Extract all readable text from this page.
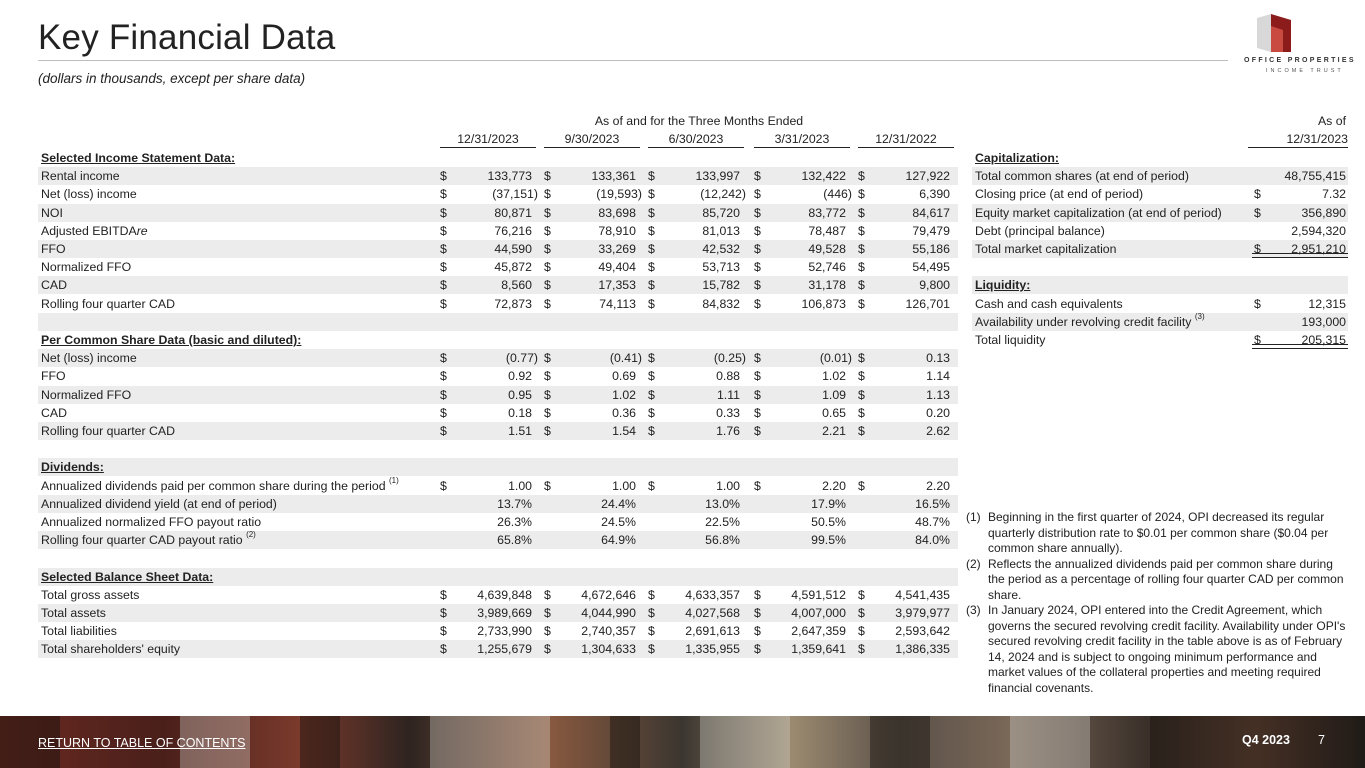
Key Financial Data
(dollars in thousands, except per share data)
OFFICE PROPERTIES
INCOME TRUST
As of and for the Three Months Ended
12/31/2023	9/30/2023	6/30/2023	3/31/2023	12/31/2022
Selected Income Statement Data:
Rental income	$	133,773 $	133,361 $	133,997 $	132,422 $	127,922
Net (loss) income	$	(37,151) $	(19,593) $	(12,242) $	(446) $	6,390
NOI	$	80,871 $	83,698 $	85,720 $	83,772 $	84,617
Adjusted EBITDAre	$	76,216 $	78,910 $	81,013 $	78,487 $	79,479
FFO	$	44,590 $	33,269 $	42,532 $	49,528 $	55,186
Normalized FFO	$	45,872 $	49,404 $	53,713 $	52,746 $	54,495
CAD	$	8,560 $	17,353 $	15,782 $	31,178 $	9,800
Rolling four quarter CAD	$	72,873 $	74,113 $	84,832 $	106,873 $	126,701
Per Common Share Data (basic and diluted):
Net (loss) income	$	(0.77) $	(0.41) $	(0.25) $	(0.01) $	0.13
FFO	$	0.92 $	0.69 $	0.88 $	1.02 $	1.14
Normalized FFO	$	0.95 $	1.02 $	1.11 $	1.09 $	1.13
CAD	$	0.18 $	0.36 $	0.33 $	0.65 $	0.20
Rolling four quarter CAD	$	1.51 $	1.54 $	1.76 $	2.21 $	2.62
Dividends:
Annualized dividends paid per common share during the period $^{(1)}$	$	1.00 $	1.00 $	1.00 $	2.20 $	2.20
Annualized dividend yield (at end of period)	13.7%	24.4%	13.0%	17.9%	16.5%
Annualized normalized FFO payout ratio	26.3%	24.5%	22.5%	50.5%	48.7%
Rolling four quarter CAD payout ratio $^{(2)}$	65.8%	64.9%	56.8%	99.5%	84.0%
Selected Balance Sheet Data:
Total gross assets	$ 4,639,848 $ 4,672,646 $ 4,633,357 $ 4,591,512 $ 4,541,435
Total assets	$ 3,989,669 $ 4,044,990 $ 4,027,568 $ 4,007,000 $ 3,979,977
Total liabilities	$ 2,733,990 $ 2,740,357 $ 2,691,613 $ 2,647,359 $ 2,593,642
Total shareholders' equity	$ 1,255,679 $ 1,304,633 $ 1,335,955 $ 1,359,641 $ 1,386,335
As of
12/31/2023
Capitalization:
Total common shares (at end of period)	48,755,415
Closing price (at end of period)	$	7.32
Equity market capitalization (at end of period)	$	356,890
Debt (principal balance)	2,594,320
Total market capitalization	$ 2,951,210
Liquidity:
Cash and cash equivalents	$	12,315
Availability under revolving credit facility $^{(3)}$	193,000
Total liquidity	$	205,315
(1) Beginning in the first quarter of 2024, OPI decreased its regular quarterly distribution rate to $0.01 per common share ($0.04 per common share annually).
(2) Reflects the annualized dividends paid per common share during the period as a percentage of rolling four quarter CAD per common share.
(3) In January 2024, OPI entered into the Credit Agreement, which governs the secured revolving credit facility. Availability under OPI's secured revolving credit facility in the table above is as of February 14, 2024 and is subject to ongoing minimum performance and market values of the collateral properties and meeting required financial covenants.
RETURN TO TABLE OF CONTENTS	Q4 2023 7
